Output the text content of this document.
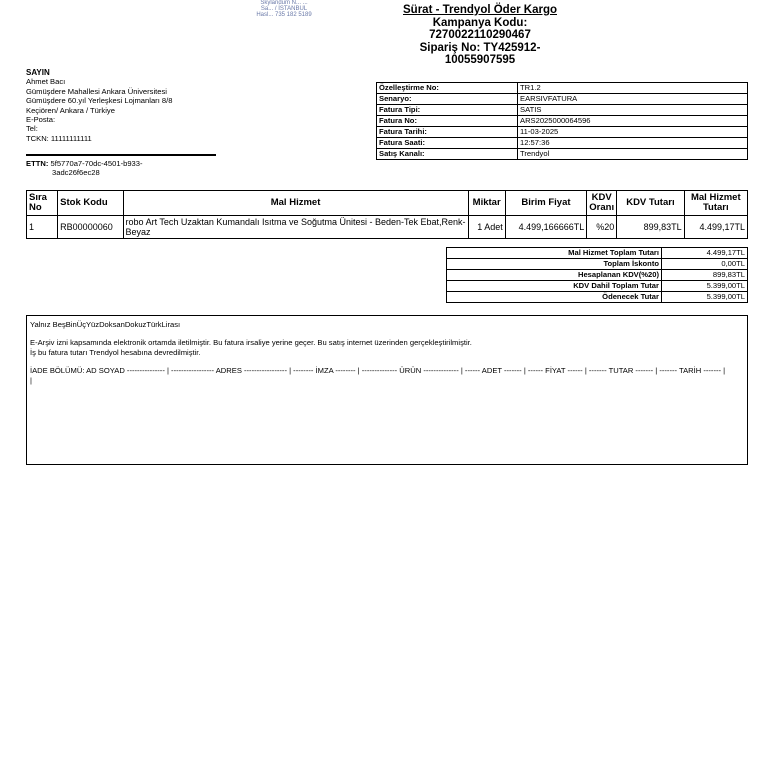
Skylandum N... ...
Sa... / İSTANBUL
Hasl... 735 182 5189	Sürat - Trendyol Öder Kargo
Kampanya Kodu:
7270022110290467
Sipariş No: TY425912-
10055907595
SAYIN
Ahmet Bacı
Gümüşdere Mahallesi Ankara Üniversitesi
Gümüşdere 60.yıl Yerleşkesi Lojmanları 8/8
Keçiören/ Ankara / Türkiye
E-Posta:
Tel:
TCKN: 11111111111
ETTN: 5f5770a7-70dc-4501-b933-
3adc26f6ec28
Özelleştirme No:	TR1.2
Senaryo:	EARSIVFATURA
Fatura Tipi:	SATIS
Fatura No:	ARS2025000064596
Fatura Tarihi:	11-03-2025
Fatura Saati:	12:57:36
Satış Kanalı:	Trendyol
Sıra No	Stok Kodu	Mal Hizmet	Miktar	Birim Fiyat	KDV Oranı	KDV Tutarı	Mal Hizmet Tutarı
1	RB00000060	robo Art Tech Uzaktan Kumandalı Isıtma ve Soğutma Ünitesi - Beden-Tek Ebat,Renk- Beyaz	1 Adet	4.499,166666TL	%20	899,83TL	4.499,17TL
Mal Hizmet Toplam Tutarı	4.499,17TL
Toplam İskonto	0,00TL
Hesaplanan KDV(%20)	899,83TL
KDV Dahil Toplam Tutar	5.399,00TL
Ödenecek Tutar	5.399,00TL
Yalnız BeşBinÜçYüzDoksanDokuzTürkLirası
E-Arşiv izni kapsamında elektronik ortamda iletilmiştir. Bu fatura irsaliye yerine geçer. Bu satış internet üzerinden gerçekleştirilmiştir.
İş bu fatura tutarı Trendyol hesabına devredilmiştir.
İADE BÖLÜMÜ: AD SOYAD --------------- | ----------------- ADRES ----------------- | -------- İMZA -------- | -------------- ÜRÜN -------------- | ------ ADET ------- | ------ FİYAT ------ | ------- TUTAR ------- | ------- TARİH ------- |
|
